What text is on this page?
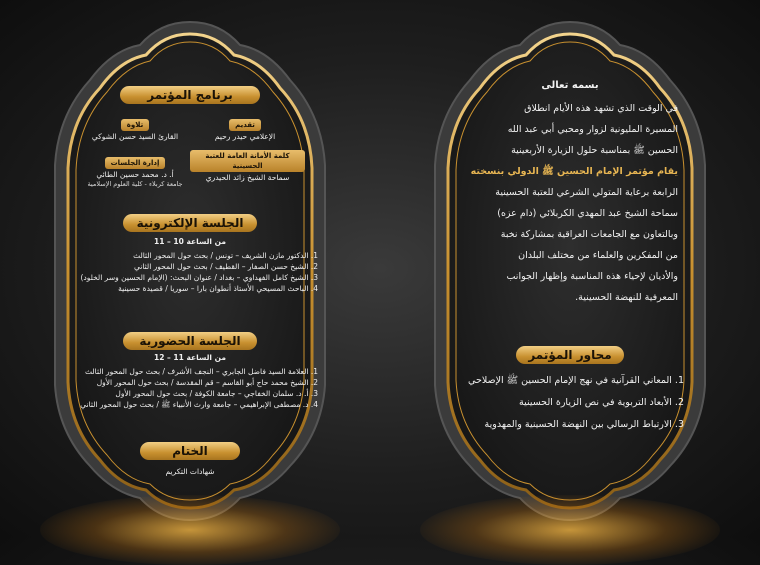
برنامج المؤتمر
تلاوة
القارئ السيد حسن الشوكي
تقديم
الإعلامي حيدر رحيم
إدارة الجلسات
أ. د. محمد حسين الطائي
جامعة كربلاء - كلية العلوم الإسلامية
كلمة الأمانة العامة للعتبة الحسينية
سماحة الشيخ زائد الحيدري
الجلسة الإلكترونية
من الساعة 10 – 11
1. الدكتور مازن الشريف – تونس / بحث حول المحور الثالث
2. الشيخ حسن الصفار – القطيف / بحث حول المحور الثاني
3. الشيخ كامل الفهداوي – بغداد / عنوان البحث: (الإمام الحسين وسر الخلود)
4. الباحث المسيحي الأستاذ أنطوان بارا – سوريا / قصيدة حسينية
الجلسة الحضورية
من الساعة 11 – 12
1. العلامة السيد فاضل الجابري – النجف الأشرف / بحث حول المحور الثالث
2. الشيخ محمد حاج أبو القاسم – قم المقدسة / بحث حول المحور الأول
3. أ. د. سلمان الخفاجي – جامعة الكوفة / بحث حول المحور الأول
4. د. مصطفى الإبراهيمي – جامعة وارث الأنبياء ﷺ / بحث حول المحور الثاني
الختام
شهادات التكريم
بسمه تعالى
في الوقت الذي تشهد هذه الأيام انطلاق
المسيرة المليونية لزوار ومحبي أبي عبد الله
الحسين ﷺ بمناسبة حلول الزيارة الأربعينية
يقام مؤتمر الإمام الحسين ﷺ الدولي بنسخته
الرابعة برعاية المتولي الشرعي للعتبة الحسينية
سماحة الشيخ عبد المهدي الكربلائي (دام عزه)
وبالتعاون مع الجامعات العراقية بمشاركة نخبة
من المفكرين والعلماء من مختلف البلدان
والأديان لإحياء هذه المناسبة وإظهار الجوانب
المعرفية للنهضة الحسينية.
محاور المؤتمر
1. المعاني القرآنية في نهج الإمام الحسين ﷺ الإصلاحي
2. الأبعاد التربوية في نص الزيارة الحسينية
3. الارتباط الرسالي بين النهضة الحسينية والمهدوية
